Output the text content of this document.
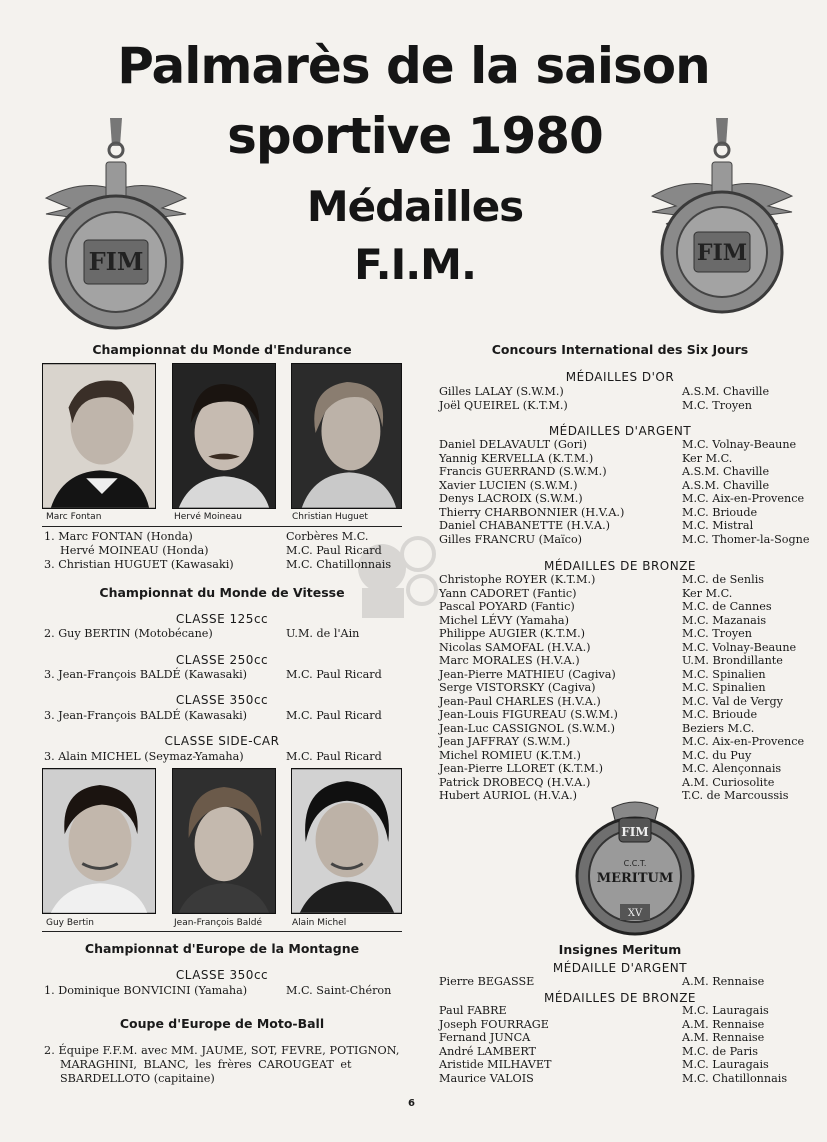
Palmarès de la saison
sportive 1980
Médailles
F.I.M.
FIM	FIM
Championnat du Monde d'Endurance
Marc Fontan	Hervé Moineau	Christian Huguet
1. Marc FONTAN (Honda)	Corbères M.C.
Hervé MOINEAU (Honda)	M.C. Paul Ricard
3. Christian HUGUET (Kawasaki)	M.C. Chatillonnais
Championnat du Monde de Vitesse
CLASSE 125cc
2. Guy BERTIN (Motobécane)	U.M. de l'Ain
CLASSE 250cc
3. Jean-François BALDÉ (Kawasaki)	M.C. Paul Ricard
CLASSE 350cc
3. Jean-François BALDÉ (Kawasaki)	M.C. Paul Ricard
CLASSE SIDE-CAR
3. Alain MICHEL (Seymaz-Yamaha)	M.C. Paul Ricard
Guy Bertin	Jean-François Baldé	Alain Michel
Championnat d'Europe de la Montagne
CLASSE 350cc
1. Dominique BONVICINI (Yamaha)	M.C. Saint-Chéron
Coupe d'Europe de Moto-Ball
2. Équipe F.F.M. avec MM. JAUME, SOT, FEVRE, POTIGNON,
MARAGHINI, BLANC, les frères CAROUGEAT et
SBARDELLOTO (capitaine)
Concours International des Six Jours
MÉDAILLES D'OR
Gilles LALAY (S.W.M.)	A.S.M. Chaville
Joël QUEIREL (K.T.M.)	M.C. Troyen
MÉDAILLES D'ARGENT
Daniel DELAVAULT (Gori)	M.C. Volnay-Beaune
Yannig KERVELLA (K.T.M.)	Ker M.C.
Francis GUERRAND (S.W.M.)	A.S.M. Chaville
Xavier LUCIEN (S.W.M.)	A.S.M. Chaville
Denys LACROIX (S.W.M.)	M.C. Aix-en-Provence
Thierry CHARBONNIER (H.V.A.)	M.C. Brioude
Daniel CHABANETTE (H.V.A.)	M.C. Mistral
Gilles FRANCRU (Maïco)	M.C. Thomer-la-Sogne
MÉDAILLES DE BRONZE
Christophe ROYER (K.T.M.)	M.C. de Senlis
Yann CADORET (Fantic)	Ker M.C.
Pascal POYARD (Fantic)	M.C. de Cannes
Michel LÉVY (Yamaha)	M.C. Mazanais
Philippe AUGIER (K.T.M.)	M.C. Troyen
Nicolas SAMOFAL (H.V.A.)	M.C. Volnay-Beaune
Marc MORALES (H.V.A.)	U.M. Brondillante
Jean-Pierre MATHIEU (Cagiva)	M.C. Spinalien
Serge VISTORSKY (Cagiva)	M.C. Spinalien
Jean-Paul CHARLES (H.V.A.)	M.C. Val de Vergy
Jean-Louis FIGUREAU (S.W.M.)	M.C. Brioude
Jean-Luc CASSIGNOL (S.W.M.)	Beziers M.C.
Jean JAFFRAY (S.W.M.)	M.C. Aix-en-Provence
Michel ROMIEU (K.T.M.)	M.C. du Puy
Jean-Pierre LLORET (K.T.M.)	M.C. Alençonnais
Patrick DROBECQ (H.V.A.)	A.M. Curiosolite
Hubert AURIOL (H.V.A.)	T.C. de Marcoussis
FIM
C.C.T.
MERITUM
XV
Insignes Meritum
MÉDAILLE D'ARGENT
Pierre BEGASSE	A.M. Rennaise
MÉDAILLES DE BRONZE
Paul FABRE	M.C. Lauragais
Joseph FOURRAGE	A.M. Rennaise
Fernand JUNCA	A.M. Rennaise
André LAMBERT	M.C. de Paris
Aristide MILHAVET	M.C. Lauragais
Maurice VALOIS	M.C. Chatillonnais
6
